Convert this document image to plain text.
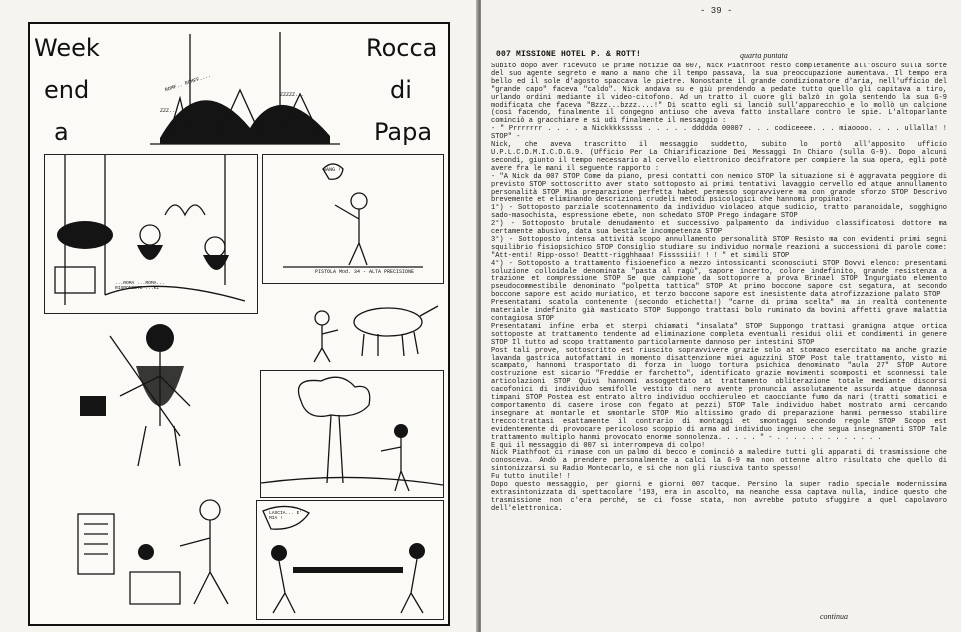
Week
end
a
Rocca
di
Papa
ROMF.. ROMFF....
ZZZZZ...
ZZZ..
...ROMA ...ROMA... RISPONDETE ...KI
BANG !!
PISTOLA Mod. 34 - ALTA PRECISIONE
LASCIA... E' MIA !
- 39 -
007 MISSIONE HOTEL P. & ROTT!	quarta puntata

Subito dopo aver ricevuto le prime notizie da 007, Nick Piathfoot restò completamente all'oscuro sulla sorte del suo agente segreto e mano a mano che il tempo passava, la sua preoccupazione aumentava. Il tempo era bello ed il sole d'agosto spaccava le pietre. Nonostante il grande condizionatore d'aria, nell'ufficio del "grande capo" faceva "caldo". Nick andava su e giù prendendo a pedate tutto quello gli capitava a tiro, urlando ordini mediante il video-citofono. Ad un tratto il cuore gli balzò in gola sentendo la sua G-9 modificata che faceva "Bzzz...bzzz....!" Di scatto egli si lanciò sull'apparecchio e lo mollò un calcione (così facendo, finalmente il congegno antiuso che aveva fatto installare contro le spie. L'altoparlante cominciò a gracchiare e si udì finalmente il messaggio :

- " Prrrrrrr . . . . a Nickkkksssss . . . . . ddddda 00007 . . . codiceeee. . . miaoooo. . . . ullalla! ! STOP" -

Nick, che aveva trascritto il messaggio suddetto, subito lo portò all'apposito ufficio U.P.L.C.D.M.I.C.D.G.9. (Ufficio Per La Chiarificazione Dei Messaggi In Chiaro (sulla G-9). Dopo alcuni secondi, giunto il tempo necessario al cervello elettronico decifratore per compiere la sua opera, egli potè avere fra le mani il seguente rapporto :

- "A Nick da 007 STOP Come da piano, presi contatti con nemico STOP la situazione si è aggravata peggiore di previsto STOP sottoscritto aver stato sottoposto ai primi tentativi lavaggio cervello ed atque annullamento personalità STOP Mia preparazione perfetta habet permesso sopravvivere ma con grande sforzo STOP Descrivo brevemente et eliminando descrizioni crudeli metodi psicologici che hannomi propinato:

1°) - Sottoposto parziale scotennamento da individuo violaceo atque sudicio, tratto paranoidale, sogghigno sado-masochista, espressione ebete, non schedato STOP Prego indagare STOP

2°) - Sottoposto brutale denudamento et successivo palpamento da individuo classificatosi dottore ma certamente abusivo, data sua bestiale incompetenza STOP

3°) - Sottoposto intensa attività scopo annullamento personalità STOP Resisto ma con evidenti primi segni squilibrio fisiopsichico STOP Consiglio studiare su individuo normale reazioni a successioni di parole come: "Att-enti! Ripp-osso! Deattt-rigghhaaa! Fissssiii! ! ! " et simili STOP

4°) - Sottoposto a trattamento fisioenefico a mezzo intossicanti sconosciuti STOP Dovvi elenco: presentami soluzione colloidale denominata "pasta al ragù", sapore incerto, colore indefinito, grande resistenza a trazione et compressione STOP Se que campione da sottoporre a prova Brinael STOP Ingurgiato elemento pseudocommestibile denominato "polpetta tattica" STOP At primo boccone sapore cst segatura, at secondo boccone sapore est acido muriatico, et terzo boccone sapore est inesistente data atrofizzazione palato STOP

Presentatami scatola contenente (secondo etichetta!) "carne di prima scelta" ma in realtà contenente materiale indefinito già masticato STOP Suppongo trattasi bolo ruminato da bovini affetti grave malattia contagiosa STOP

Presentatami infine erba et sterpi chiamati "insalata" STOP Suppongo trattasi gramigna atque ortica sottoposte at trattamento tendente ad eliminazione completa eventuali residui olii et condimenti in genere STOP Il tutto ad scopo trattamento particolarmente dannoso per intestini STOP

Post tali prove, sottoscritto est riuscito sopravvivere grazie solo at stomaco esercitato ma anche grazie lavanda gastrica autofattami in momento disattenzione miei aguzzini STOP Post tale trattamento, visto mi scampato, hannomi trasportato di forza in luogo tortura psichica denominato "aula 27" STOP Autore costruzione est sicario "Freddie er farchetto", identificato grazie movimenti scomposti et sconnessi tale articolazioni STOP Quivi hannomi assoggettato at trattamento obliterazione totale mediante discorsi cacofonici di individuo semifolle vestito di nero avente pronuncia assolutamente assurda atque dannosa timpani STOP Postea est entrato altro individuo occhieruleo et caocciante fumo da nari (tratti somatici e comportamento di casere irose con fegato at pezzi) STOP Tale individuo habet mostrato armi cercando insegnare at montarle et smontarle STOP Mio altissimo grado di preparazione hanmi permesso stabilire trecco:trattasi esattamente il contrario di montaggi et smontaggi secondo regole STOP Scopo est evidentemente di provocare pericoloso scoppio di arma ad individuo ingenuo che segua insegnamenti STOP Tale trattamento multiplo hanmi provocato enorme sonnolenza. . . . . " - . . . . . . . . . . . . .

E qui il messaggio di 007 si interrompeva di colpo!

Nick Piathfoot ci rimase con un palmo di becco e cominciò a maledire tutti gli apparati di trasmissione che conosceva. Andò a prendere personalmente a calci la G-9 ma non ottenne altro risultato che quello di sintonizzarsi su Radio Montecarlo, e sì che non gli riusciva tanto spesso!

Fu tutto inutile! !

Dopo questo messaggio, per giorni e giorni 007 tacque. Persino la super radio speciale modernissima extrasintonizzata di spettacolare '193, era in ascolto, ma neanche essa captava nulla, indice questo che trasmissione non c'era perché, se ci fosse stata, non avrebbe potuto sfuggire a quel capolavoro dell'elettronica.

continua
